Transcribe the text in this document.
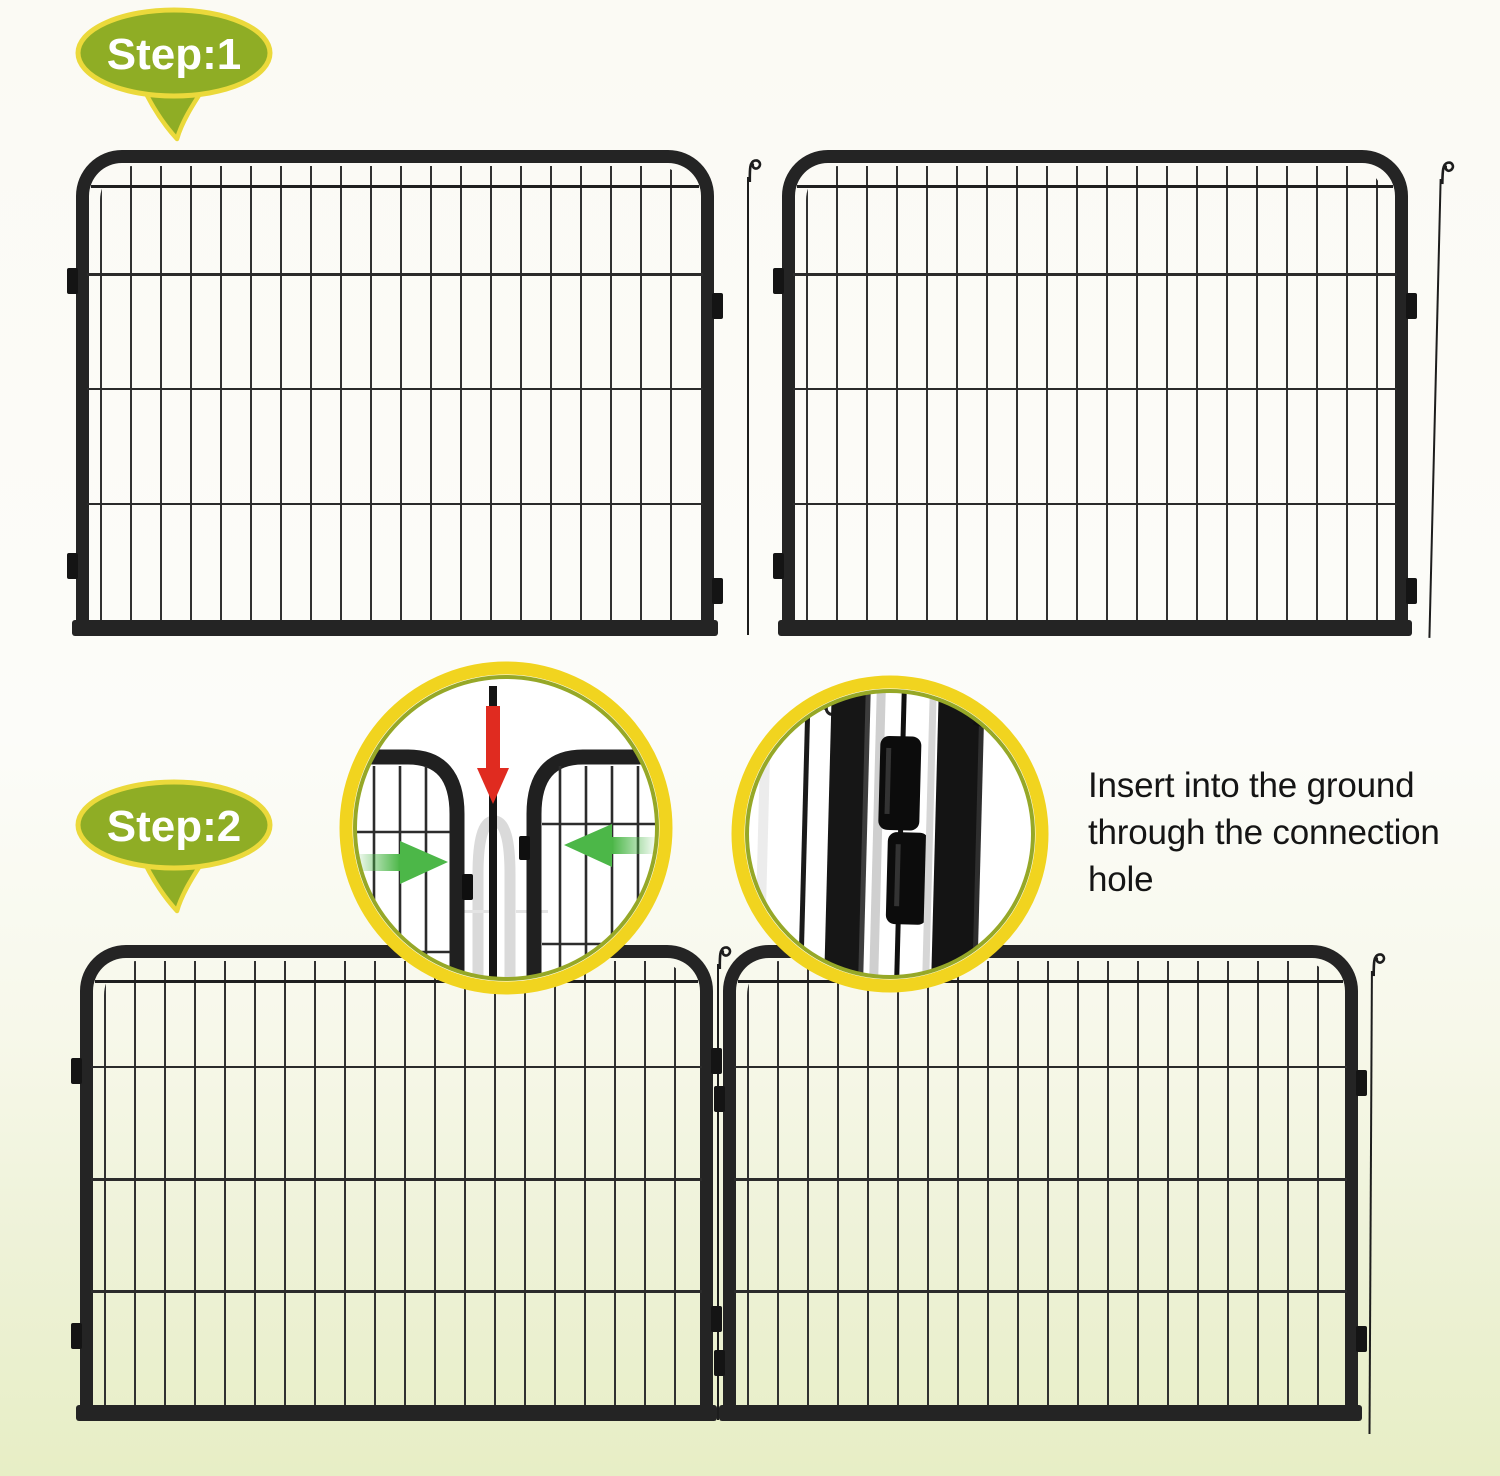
Step:1
Step:2
Insert into the ground through the connection hole
